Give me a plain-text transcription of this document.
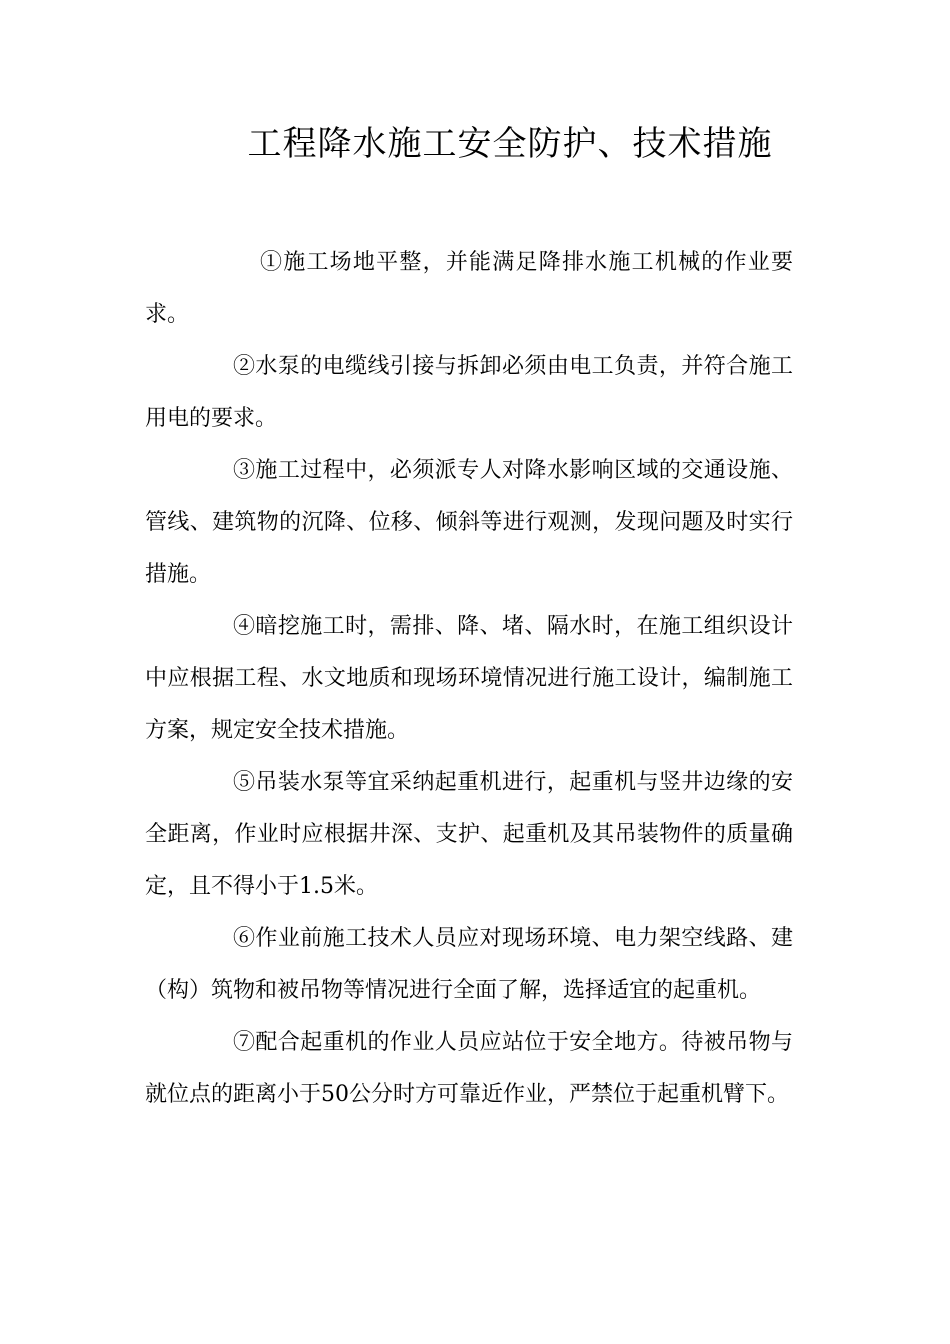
工程降水施工安全防护、技术措施

①施工场地平整，并能满足降排水施工机械的作业要求。

②水泵的电缆线引接与拆卸必须由电工负责，并符合施工用电的要求。

③施工过程中，必须派专人对降水影响区域的交通设施、管线、建筑物的沉降、位移、倾斜等进行观测，发现问题及时实行措施。

④暗挖施工时，需排、降、堵、隔水时，在施工组织设计中应根据工程、水文地质和现场环境情况进行施工设计，编制施工方案，规定安全技术措施。

⑤吊装水泵等宜采纳起重机进行，起重机与竖井边缘的安全距离，作业时应根据井深、支护、起重机及其吊装物件的质量确定，且不得小于1.5米。

⑥作业前施工技术人员应对现场环境、电力架空线路、建（构）筑物和被吊物等情况进行全面了解，选择适宜的起重机。

⑦配合起重机的作业人员应站位于安全地方。待被吊物与就位点的距离小于50公分时方可靠近作业，严禁位于起重机臂下。
